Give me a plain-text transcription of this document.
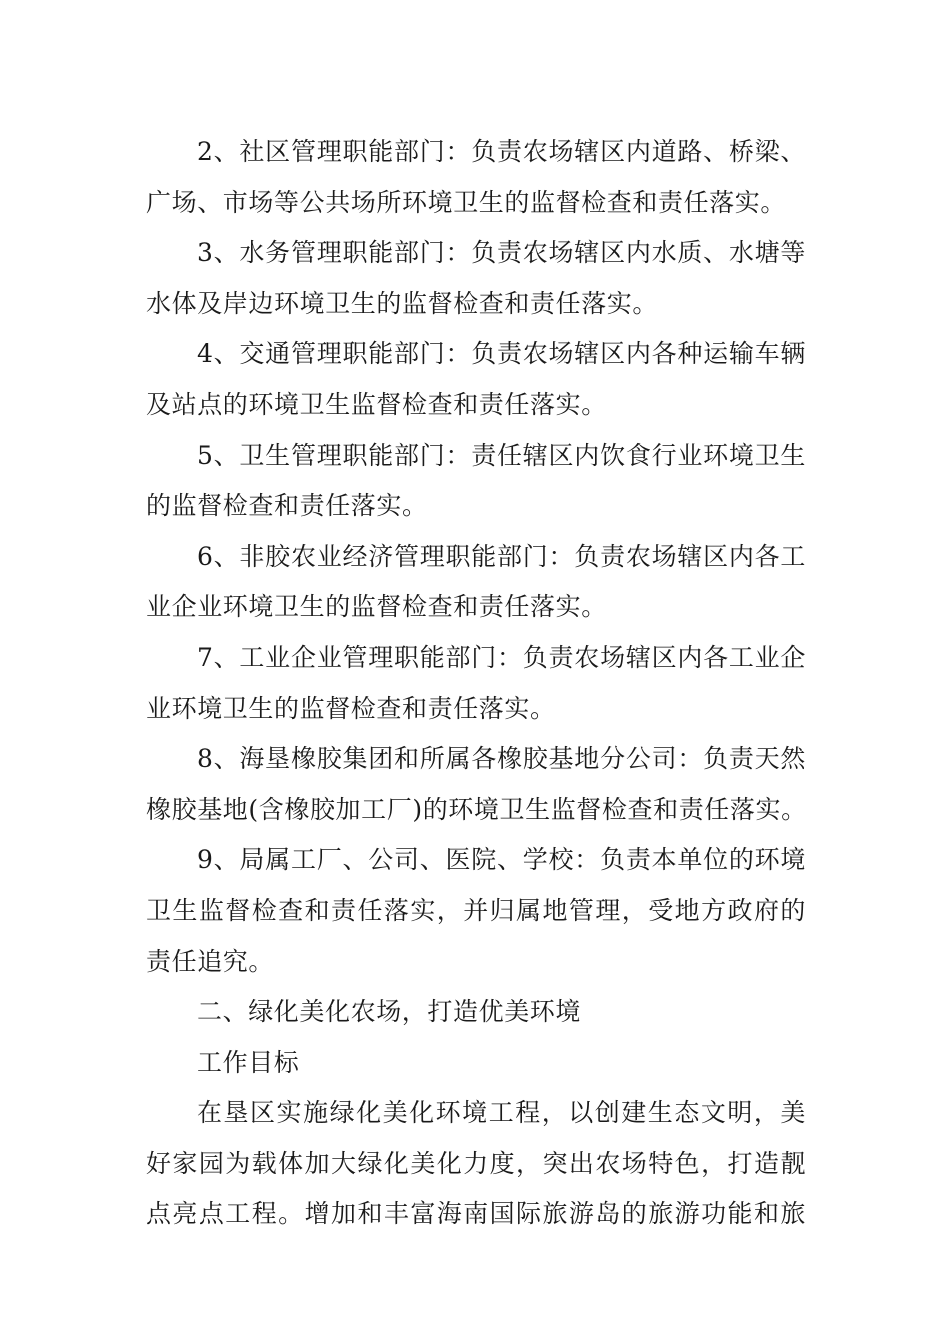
2、社区管理职能部门：负责农场辖区内道路、桥梁、
广场、市场等公共场所环境卫生的监督检查和责任落实。
3、水务管理职能部门：负责农场辖区内水质、水塘等
水体及岸边环境卫生的监督检查和责任落实。
4、交通管理职能部门：负责农场辖区内各种运输车辆
及站点的环境卫生监督检查和责任落实。
5、卫生管理职能部门：责任辖区内饮食行业环境卫生
的监督检查和责任落实。
6、非胶农业经济管理职能部门：负责农场辖区内各工
业企业环境卫生的监督检查和责任落实。
7、工业企业管理职能部门：负责农场辖区内各工业企
业环境卫生的监督检查和责任落实。
8、海垦橡胶集团和所属各橡胶基地分公司：负责天然
橡胶基地(含橡胶加工厂)的环境卫生监督检查和责任落实。
9、局属工厂、公司、医院、学校：负责本单位的环境
卫生监督检查和责任落实，并归属地管理，受地方政府的
责任追究。
二、绿化美化农场，打造优美环境
工作目标
在垦区实施绿化美化环境工程，以创建生态文明，美
好家园为载体加大绿化美化力度，突出农场特色，打造靓
点亮点工程。增加和丰富海南国际旅游岛的旅游功能和旅
